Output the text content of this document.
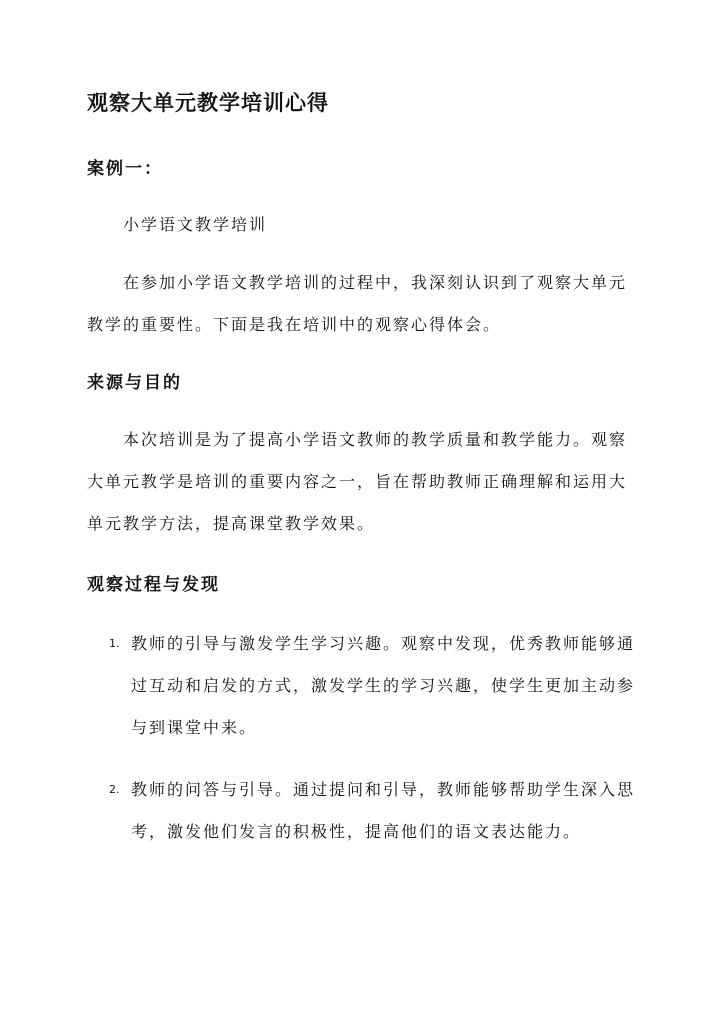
观察大单元教学培训心得
案例一：

小学语文教学培训

在参加小学语文教学培训的过程中，我深刻认识到了观察大单元教学的重要性。下面是我在培训中的观察心得体会。

来源与目的

本次培训是为了提高小学语文教师的教学质量和教学能力。观察大单元教学是培训的重要内容之一，旨在帮助教师正确理解和运用大单元教学方法，提高课堂教学效果。

观察过程与发现
1. 教师的引导与激发学生学习兴趣。观察中发现，优秀教师能够通过互动和启发的方式，激发学生的学习兴趣，使学生更加主动参与到课堂中来。
2. 教师的问答与引导。通过提问和引导，教师能够帮助学生深入思考，激发他们发言的积极性，提高他们的语文表达能力。
